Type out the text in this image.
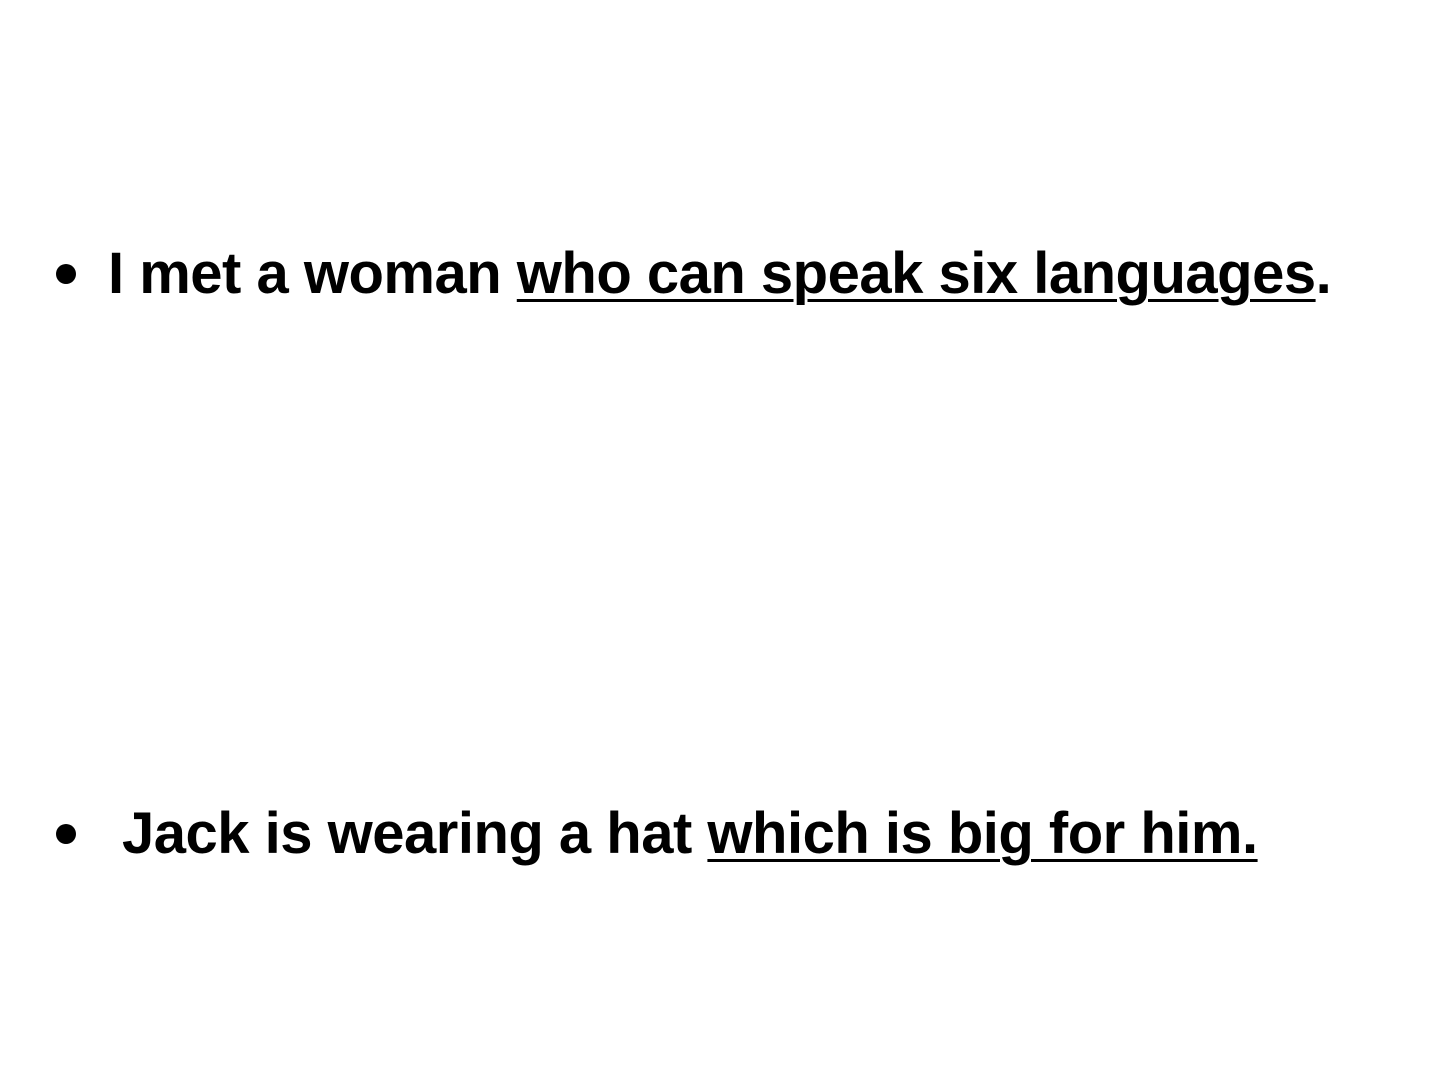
I met a woman who can speak six languages .
Jack is wearing a hat which is big for him.
